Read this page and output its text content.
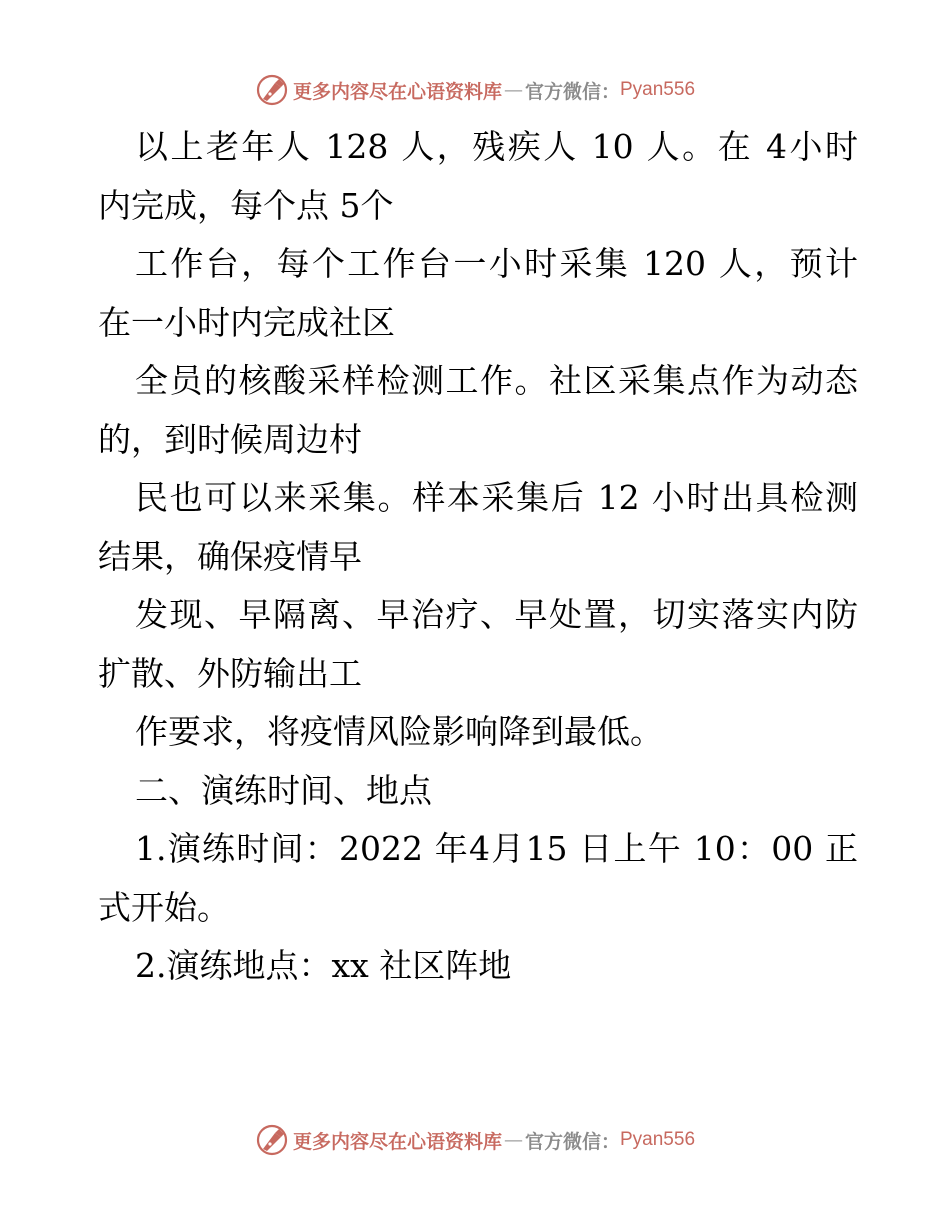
更多内容尽在心语资料库 — 官方微信： Pyan556

以上老年人 128 人，残疾人 10 人。在 4小时

内完成，每个点 5个

工作台，每个工作台一小时采集 120 人，预计

在一小时内完成社区

全员的核酸采样检测工作。社区采集点作为动态

的，到时候周边村

民也可以来采集。样本采集后 12 小时出具检测

结果，确保疫情早

发现、早隔离、早治疗、早处置，切实落实内防

扩散、外防输出工

作要求，将疫情风险影响降到最低。

二、演练时间、地点

1.演练时间：2022 年4月15 日上午 10：00 正

式开始。

2.演练地点：xx 社区阵地

更多内容尽在心语资料库 — 官方微信： Pyan556
